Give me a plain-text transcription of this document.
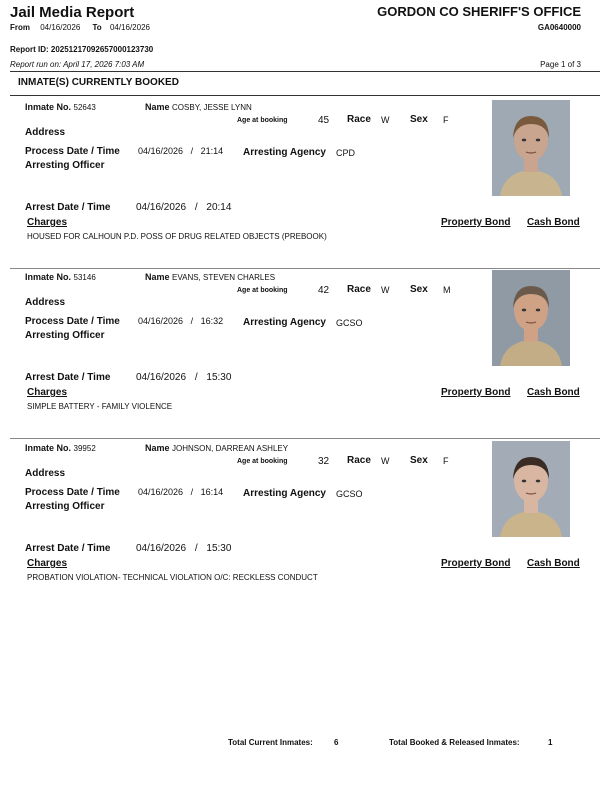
Jail Media Report	GORDON CO SHERIFF'S OFFICE
From 04/16/2026 To 04/16/2026	GA0640000
Report ID: 20251217092657000123730
Report run on: April 17, 2026 7:03 AM	Page 1 of 3
INMATE(S) CURRENTLY BOOKED
Inmate No. 52643	Name COSBY, JESSE LYNN
Age at booking	45 Race W Sex F
Address
Process Date / Time 04/16/2026 / 21:14 Arresting Agency CPD
Arresting Officer
Arrest Date / Time	04/16/2026 / 20:14
Charges	Property Bond Cash Bond
HOUSED FOR CALHOUN P.D. POSS OF DRUG RELATED OBJECTS (PREBOOK)
Inmate No. 53146	Name EVANS, STEVEN CHARLES
Age at booking	42 Race W Sex M
Address
Process Date / Time 04/16/2026 / 16:32 Arresting Agency GCSO
Arresting Officer
Arrest Date / Time	04/16/2026 / 15:30
Charges	Property Bond Cash Bond
SIMPLE BATTERY - FAMILY VIOLENCE
Inmate No. 39952	Name JOHNSON, DARREAN ASHLEY
Age at booking	32 Race W Sex F
Address
Process Date / Time 04/16/2026 / 16:14 Arresting Agency GCSO
Arresting Officer
Arrest Date / Time	04/16/2026 / 15:30
Charges	Property Bond Cash Bond
PROBATION VIOLATION- TECHNICAL VIOLATION O/C: RECKLESS CONDUCT
Total Current Inmates:	6	Total Booked & Released Inmates:	1
